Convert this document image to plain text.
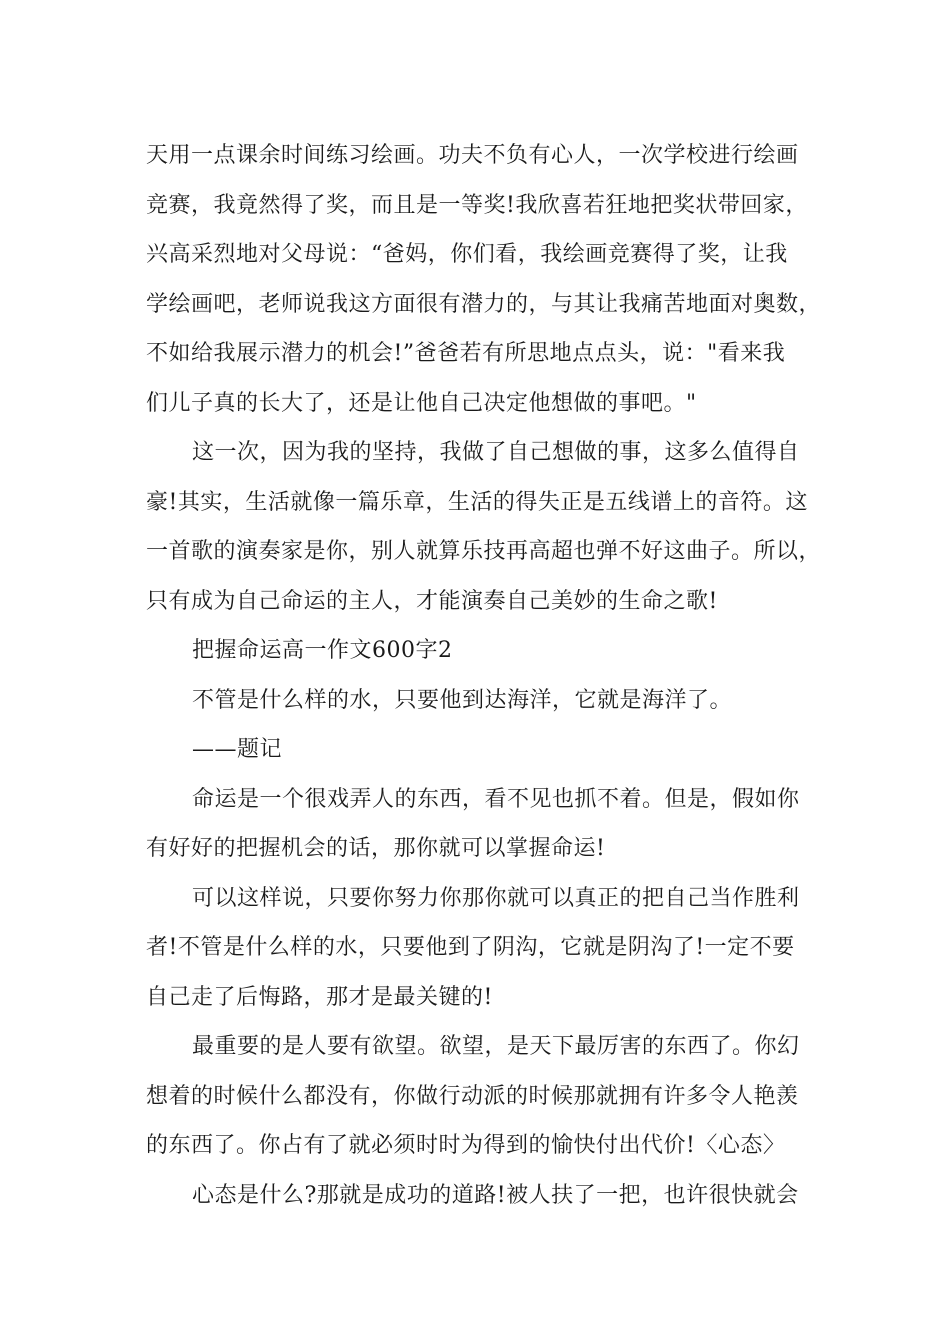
天用一点课余时间练习绘画。功夫不负有心人，一次学校进行绘画
竞赛，我竟然得了奖，而且是一等奖!我欣喜若狂地把奖状带回家，
兴高采烈地对父母说：“爸妈，你们看，我绘画竞赛得了奖，让我
学绘画吧，老师说我这方面很有潜力的，与其让我痛苦地面对奥数，
不如给我展示潜力的机会!”爸爸若有所思地点点头，说："看来我
们儿子真的长大了，还是让他自己决定他想做的事吧。"
这一次，因为我的坚持，我做了自己想做的事，这多么值得自
豪!其实，生活就像一篇乐章，生活的得失正是五线谱上的音符。这
一首歌的演奏家是你，别人就算乐技再高超也弹不好这曲子。所以，
只有成为自己命运的主人，才能演奏自己美妙的生命之歌!
把握命运高一作文600字2
不管是什么样的水，只要他到达海洋，它就是海洋了。
——题记
命运是一个很戏弄人的东西，看不见也抓不着。但是，假如你
有好好的把握机会的话，那你就可以掌握命运!
可以这样说，只要你努力你那你就可以真正的把自己当作胜利
者!不管是什么样的水，只要他到了阴沟，它就是阴沟了!一定不要
自己走了后悔路，那才是最关键的!
最重要的是人要有欲望。欲望，是天下最厉害的东西了。你幻
想着的时候什么都没有，你做行动派的时候那就拥有许多令人艳羡
的东西了。你占有了就必须时时为得到的愉快付出代价!〈心态〉
心态是什么?那就是成功的道路!被人扶了一把，也许很快就会
